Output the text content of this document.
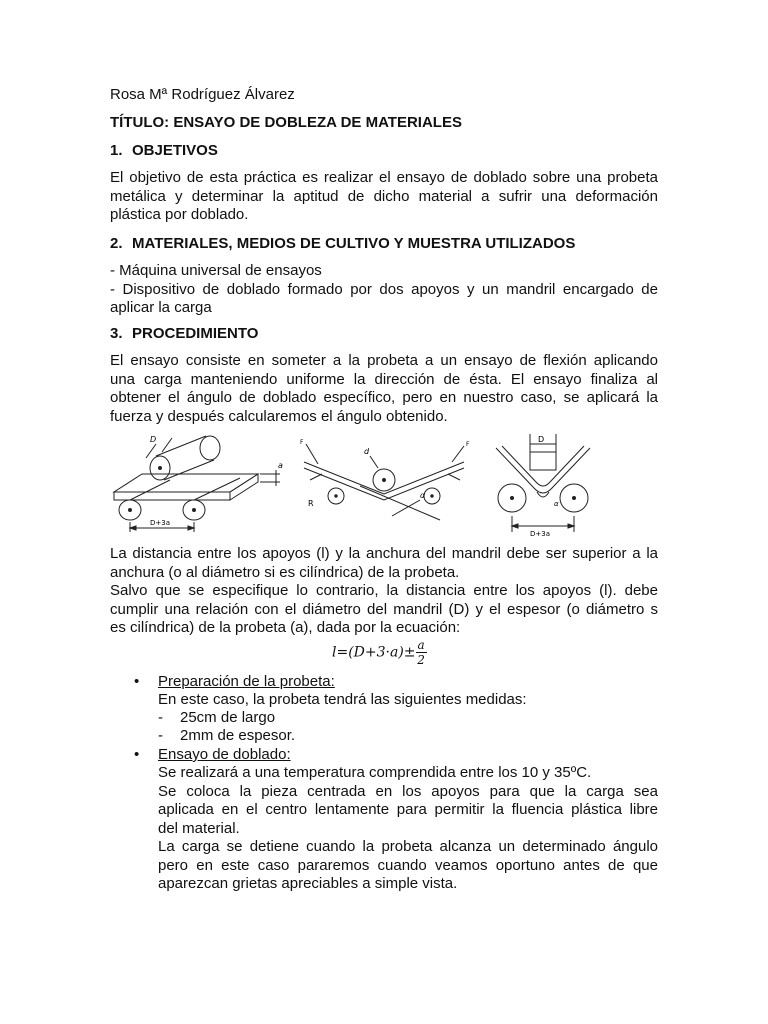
Rosa Mª Rodríguez Álvarez
TÍTULO: ENSAYO DE DOBLEZA DE MATERIALES
1. OBJETIVOS
El objetivo de esta práctica es realizar el ensayo de doblado sobre una probeta
metálica y determinar la aptitud de dicho material a sufrir una deformación
plástica por doblado.
2. MATERIALES, MEDIOS DE CULTIVO Y MUESTRA UTILIZADOS
- Máquina universal de ensayos
- Dispositivo de doblado formado por dos apoyos y un mandril encargado de
aplicar la carga
3. PROCEDIMIENTO
El ensayo consiste en someter a la probeta a un ensayo de flexión aplicando
una carga manteniendo uniforme la dirección de ésta. El ensayo finaliza al
obtener el ángulo de doblado específico, pero en nuestro caso, se aplicará la
fuerza y después calcularemos el ángulo obtenido.
D
a
D+3a
d
R
α
F	F
D
α
D+3a
La distancia entre los apoyos (l) y la anchura del mandril debe ser superior a la
anchura (o al diámetro si es cilíndrica) de la probeta.
Salvo que se especifique lo contrario, la distancia entre los apoyos (l). debe
cumplir una relación con el diámetro del mandril (D) y el espesor (o diámetro s
es cilíndrica) de la probeta (a), dada por la ecuación:
$l=(D+3\cdot a)\pm \frac{a}{2}$
• Preparación de la probeta:
En este caso, la probeta tendrá las siguientes medidas:
- 25cm de largo
- 2mm de espesor.
• Ensayo de doblado:
Se realizará a una temperatura comprendida entre los 10 y 35ºC.
Se coloca la pieza centrada en los apoyos para que la carga sea
aplicada en el centro lentamente para permitir la fluencia plástica libre
del material.
La carga se detiene cuando la probeta alcanza un determinado ángulo
pero en este caso pararemos cuando veamos oportuno antes de que
aparezcan grietas apreciables a simple vista.
